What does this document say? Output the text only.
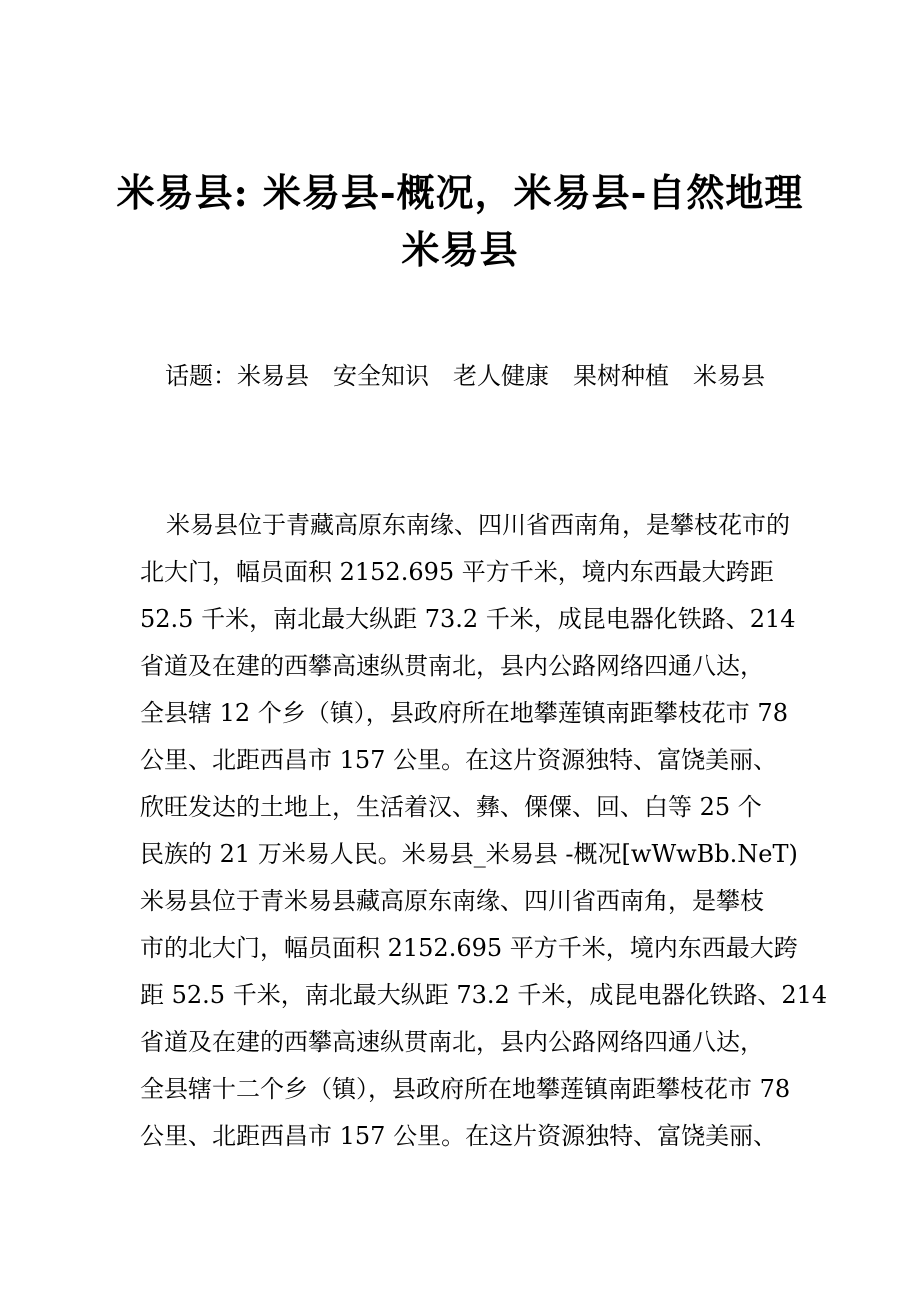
米易县: 米易县-概况，米易县-自然地理
米易县
话题：米易县 安全知识 老人健康 果树种植 米易县
米易县位于青藏高原东南缘、四川省西南角，是攀枝花市的
北大门，幅员面积 2152.695 平方千米，境内东西最大跨距
52.5 千米，南北最大纵距 73.2 千米，成昆电器化铁路、214
省道及在建的西攀高速纵贯南北，县内公路网络四通八达，
全县辖 12 个乡（镇），县政府所在地攀莲镇南距攀枝花市 78
公里、北距西昌市 157 公里。在这片资源独特、富饶美丽、
欣旺发达的土地上，生活着汉、彝、傈僳、回、白等 25 个
民族的 21 万米易人民。米易县_米易县 -概况[wWwBb.NeT)
米易县位于青米易县藏高原东南缘、四川省西南角，是攀枝
市的北大门，幅员面积 2152.695 平方千米，境内东西最大跨
距 52.5 千米，南北最大纵距 73.2 千米，成昆电器化铁路、214
省道及在建的西攀高速纵贯南北，县内公路网络四通八达，
全县辖十二个乡（镇），县政府所在地攀莲镇南距攀枝花市 78
公里、北距西昌市 157 公里。在这片资源独特、富饶美丽、
